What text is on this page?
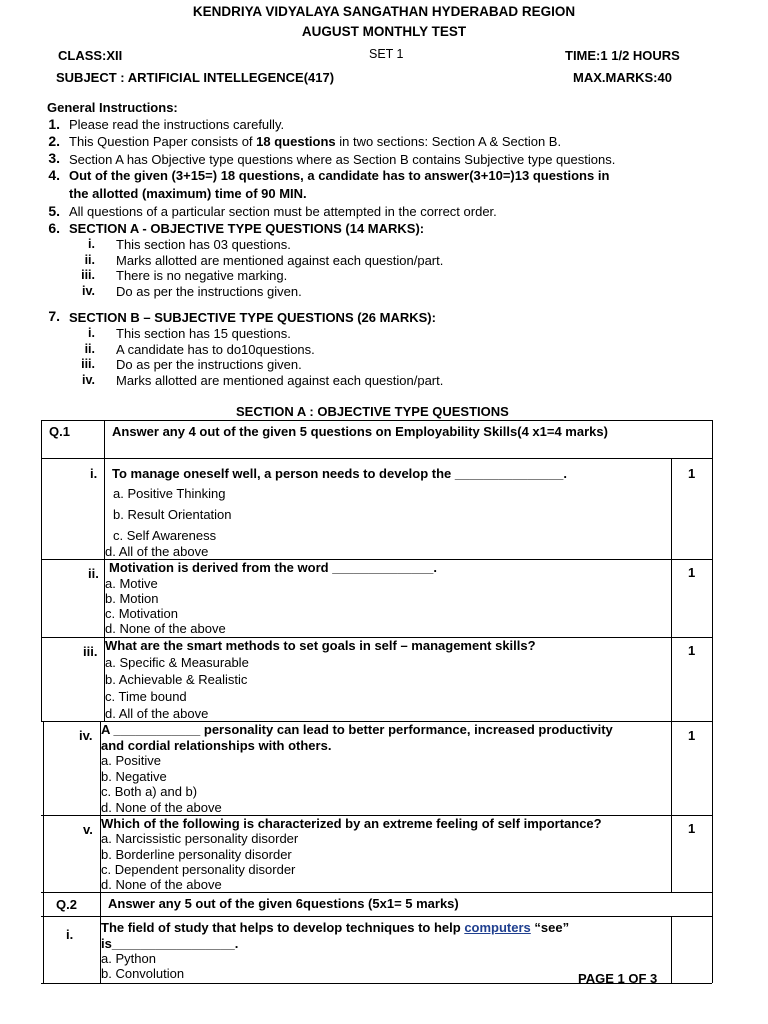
KENDRIYA VIDYALAYA SANGATHAN HYDERABAD REGION
AUGUST MONTHLY TEST
CLASS:XII	SET 1	TIME:1 1/2 HOURS
SUBJECT : ARTIFICIAL INTELLEGENCE(417)	MAX.MARKS:40
General Instructions:
1. Please read the instructions carefully.
2. This Question Paper consists of 18 questions in two sections: Section A & Section B.
3. Section A has Objective type questions where as Section B contains Subjective type questions.
4. Out of the given (3+15=) 18 questions, a candidate has to answer(3+10=)13 questions in
the allotted (maximum) time of 90 MIN.
5. All questions of a particular section must be attempted in the correct order.
6. SECTION A - OBJECTIVE TYPE QUESTIONS (14 MARKS):
i. This section has 03 questions.
ii. Marks allotted are mentioned against each question/part.
iii. There is no negative marking.
iv. Do as per the instructions given.
7. SECTION B – SUBJECTIVE TYPE QUESTIONS (26 MARKS):
i. This section has 15 questions.
ii. A candidate has to do10questions.
iii. Do as per the instructions given.
iv. Marks allotted are mentioned against each question/part.
SECTION A : OBJECTIVE TYPE QUESTIONS
Q.1	Answer any 4 out of the given 5 questions on Employability Skills(4 x1=4 marks)
i. To manage oneself well, a person needs to develop the _______________.	1
a. Positive Thinking
b. Result Orientation
c. Self Awareness
d. All of the above
ii. Motivation is derived from the word ______________.	1
a. Motive
b. Motion
c. Motivation
d. None of the above
iii. What are the smart methods to set goals in self – management skills?	1
a. Specific & Measurable
b. Achievable & Realistic
c. Time bound
d. All of the above
iv. A ____________ personality can lead to better performance, increased productivity
and cordial relationships with others.
1
a. Positive
b. Negative
c. Both a) and b)
d. None of the above
v. Which of the following is characterized by an extreme feeling of self importance?	1
a. Narcissistic personality disorder
b. Borderline personality disorder
c. Dependent personality disorder
d. None of the above
Q.2 Answer any 5 out of the given 6questions (5x1= 5 marks)
i. The field of study that helps to develop techniques to help computers “see”
is_________________.
a. Python
b. Convolution	PAGE 1 OF 3
